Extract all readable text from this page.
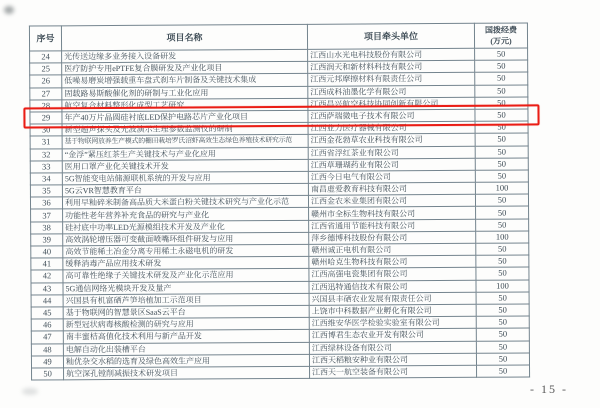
序号	项目名称	项目牵头单位	国拨经费
(万元)
24	光传送边缘多业务接入设备研发	江西山水光电科技股份有限公司	50
25	医疗防护专用ePTFE复合膜研发及产业化项目	江西润天和新材料科技有限公司	50
26	低噪易磨炭增强载重车盘式刹车片制备及关键技术集成	江西元邦摩擦材料有限责任公司	50
27	固载路易斯酸催化剂的研制与工业化应用	江西成科油墨化学有限公司	50
28	航空复合材料整形化成型工艺研究	江西昌兴航空科技协同创新有限公司	50
29	年产40万片晶圆硅衬底LED保护电路芯片产业化项目	江西萨瑞微电子技术有限公司	50
30	新型超声探头及光波演示生理参数监测仪的研制	江西业力医疗器械有限公司	50
31	基于物联网放养生产模式的棚田栽培罗氏沼虾高效生态绿色养殖技术研究示范	江西金花勃草农业科技有限公司	50
32	“金浮”紧压红茶生产关键技术与产业化应用	江西省浮红茶业有限公司	50
33	医用口罩产业化关键技术开发	江西草珊瑚药业有限公司	50
34	5G智能变电站储源联机系统的开发与应用	江西今日电气有限公司	50
35	5G云VR智慧教育平台	南昌虚爱教育科技有限公司	100
36	利用早籼碎米制备高品质大米蛋白粉关键技术研究与产业化示范	江西金农米业集团有限公司	50
37	功能性老年营养补充食品的研究与产业化	赣州市全标生物科技有限公司	50
38	硅衬底中功率LED光源模组技术开发及产业化	江西省通用节能科技有限公司	50
39	高效涡轮增压器可变截面喷嘴环组件研发与应用	萍乡德博科技股份有限公司	100
40	高效节能稀土冶金分离专用稀土永磁电机的研发	赣州诚正电机有限公司	50
41	缓释消毒产品应用技术研发	赣州哈克生物科技有限公司	50
42	高可靠性绝缘子关键技术研发及产业化示范应用	江西高强电瓷集团有限公司	50
43	5G通信网络光模块开发及量产	江西迅特通信技术有限公司	100
44	兴国县有机富硒芦笋培植加工示范项目	兴国县丰硒农业发展有限责任公司	50
45	基于物联网的智慧景区SaaS云平台	上饶市中科数据产业孵化有限公司	50
46	新型冠状病毒核酸检测的研究与应用	江西维安华医学检验实验室有限公司	50
47	南丰蜜桔高值化技术利用与新产品开发	江西博君生态农业开发有限公司	50
48	电解自动化出装槽平台	江西绿林设备有限公司	50
49	籼优杂交水稻的选育及绿色高效生产应用	江西天稻粮安种业有限公司	50
50	航空深孔镗削减振技术研发项目	江西天一航空装备有限公司	50
- 15 -
